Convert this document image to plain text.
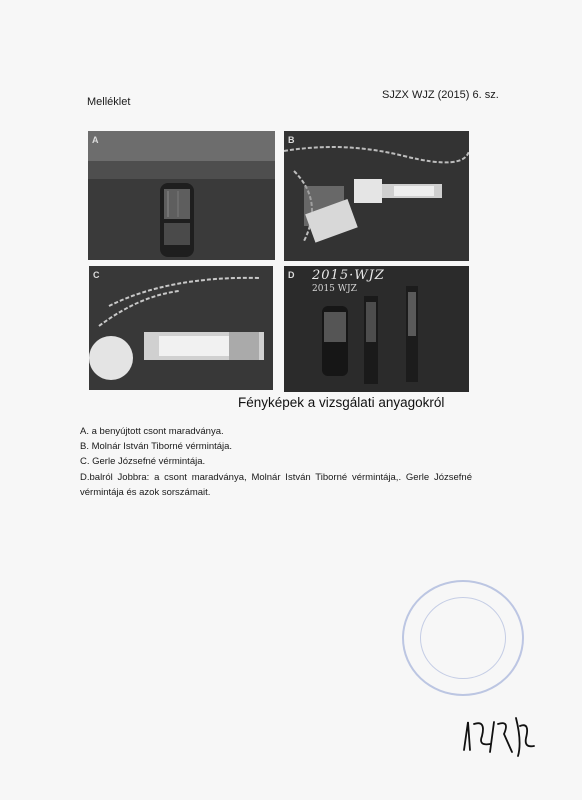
Melléklet
SJZX WJZ (2015) 6. sz.
A	B
C	D 2015·WJZ
2015 WJZ
Fényképek a vizsgálati anyagokról

A. a benyújtott csont maradványa.

B. Molnár István Tiborné vérmintája.

C. Gerle Józsefné vérmintája.

D.balról Jobbra: a csont maradványa, Molnár István Tiborné vérmintája,. Gerle Józsefné vérmintája és azok sorszámait.
